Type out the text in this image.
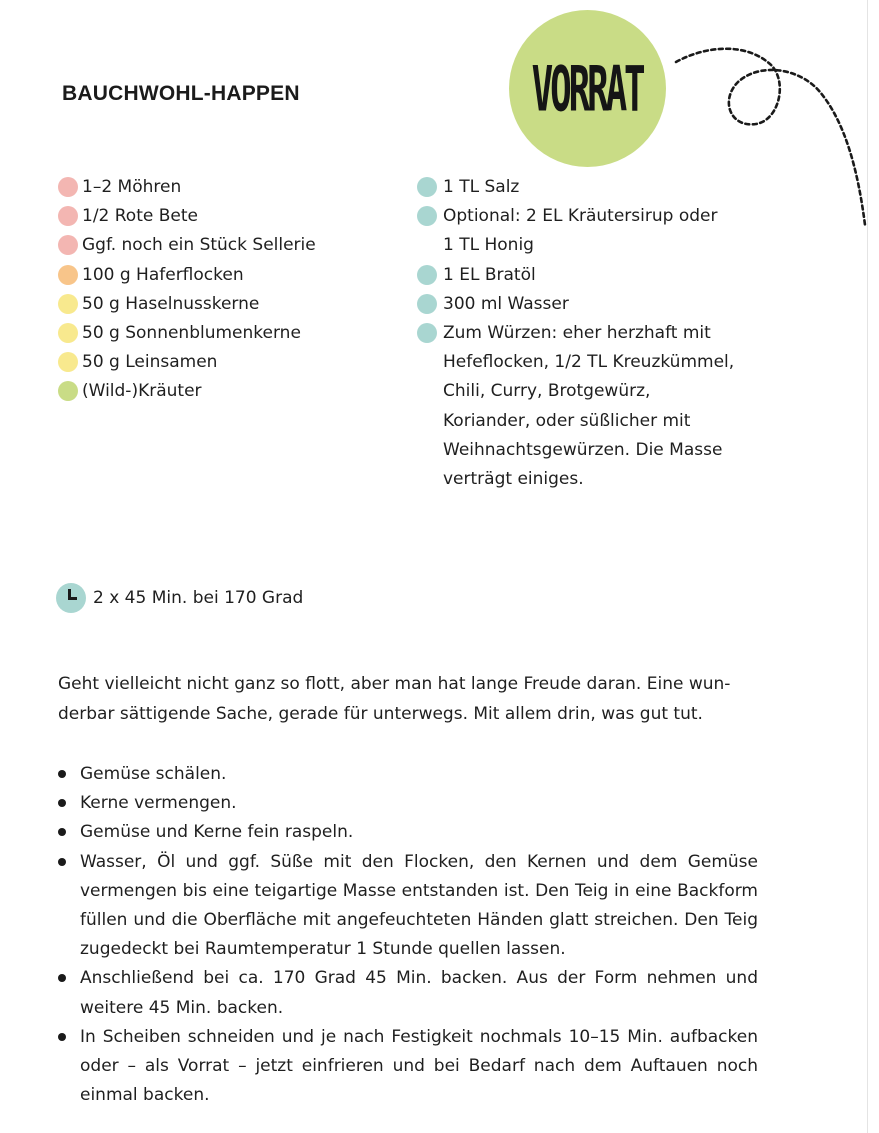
BAUCHWOHL-HAPPEN	VORRAT
1–2 Möhren
1/2 Rote Bete
Ggf. noch ein Stück Sellerie
100 g Haferflocken
50 g Haselnusskerne
50 g Sonnenblumenkerne
50 g Leinsamen
(Wild-)Kräuter
1 TL Salz
Optional: 2 EL Kräutersirup oder
1 TL Honig
1 EL Bratöl
300 ml Wasser
Zum Würzen: eher herzhaft mit
Hefeflocken, 1/2 TL Kreuzkümmel,
Chili, Curry, Brotgewürz,
Koriander, oder süßlicher mit
Weihnachtsgewürzen. Die Masse
verträgt einiges.
2 x 45 Min. bei 170 Grad

Geht vielleicht nicht ganz so flott, aber man hat lange Freude daran. Eine wun-
derbar sättigende Sache, gerade für unterwegs. Mit allem drin, was gut tut.

Gemüse schälen.
Kerne vermengen.
Gemüse und Kerne fein raspeln.
Wasser, Öl und ggf. Süße mit den Flocken, den Kernen und dem Gemüse vermengen bis eine teigartige Masse entstanden ist. Den Teig in eine Backform füllen und die Oberfläche mit angefeuchteten Händen glatt streichen. Den Teig zugedeckt bei Raumtemperatur 1 Stunde quellen lassen.
Anschließend bei ca. 170 Grad 45 Min. backen. Aus der Form nehmen und weitere 45 Min. backen.
In Scheiben schneiden und je nach Festigkeit nochmals 10–15 Min. aufbacken oder – als Vorrat – jetzt einfrieren und bei Bedarf nach dem Auftauen noch einmal backen.
